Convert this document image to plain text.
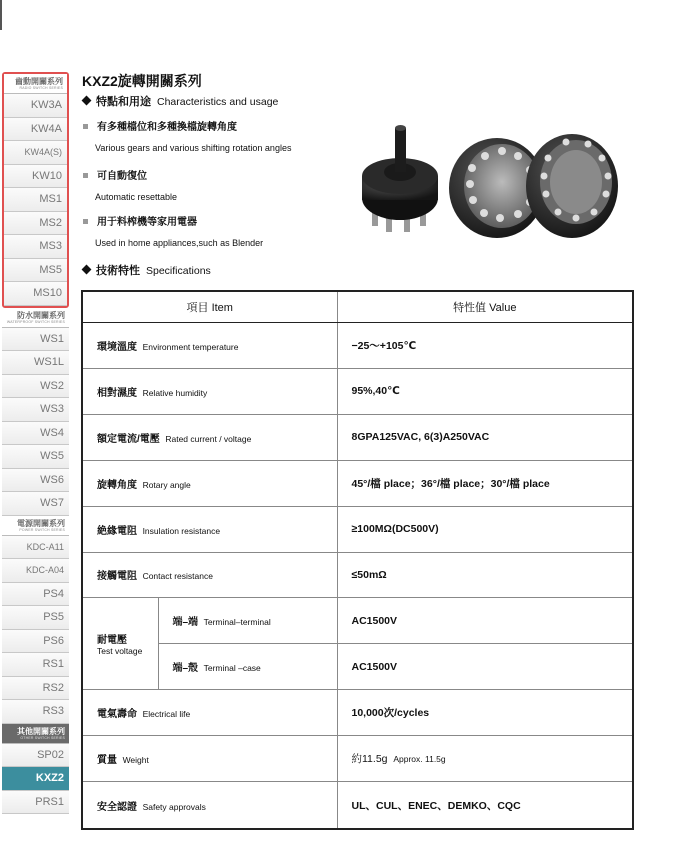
齒動開關系列
RADIO SWITCH SERIES
KW3A
KW4A
KW4A(S)
KW10
MS1
MS2
MS3
MS5
MS10
防水開關系列
WATERPROOF SWITCH SERIES
WS1
WS1L
WS2
WS3
WS4
WS5
WS6
WS7
電源開關系列
POWER SWITCH SERIES
KDC-A11
KDC-A04
PS4
PS5
PS6
RS1
RS2
RS3
其他開關系列
OTHER SWITCH SERIES
SP02
KXZ2
PRS1
KXZ2旋轉開關系列
特點和用途 Characteristics and usage
有多種檔位和多種換檔旋轉角度
Various gears and various shifting rotation angles
可自動復位
Automatic resettable
用于料榨機等家用電器
Used in home appliances,such as Blender
技術特性 Specifications
項目 Item		特性值 Value
環境溫度 Environment temperature		−25～+105℃
相對濕度 Relative humidity		95%,40℃
額定電流/電壓 Rated current / voltage		8GPA125VAC, 6(3)A250VAC
旋轉角度 Rotary angle		45°/檔 place；36°/檔 place；30°/檔 place
絶緣電阻 Insulation resistance		≥100MΩ(DC500V)
接觸電阻 Contact resistance		≤50mΩ

耐電壓
Test voltage	端–端 Terminal–terminal	AC1500V
	端–殼 Terminal –case	AC1500V
電氣壽命 Electrical life		10,000次/cycles
質量 Weight		約11.5g Approx. 11.5g
安全認證 Safety approvals		UL、CUL、ENEC、DEMKO、CQC
